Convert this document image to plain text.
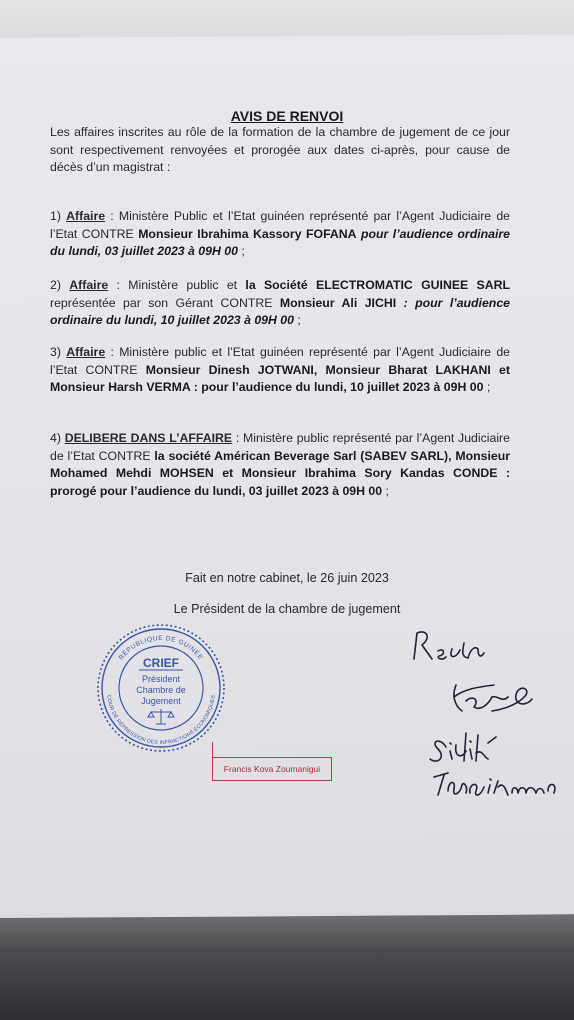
AVIS DE RENVOI

Les affaires inscrites au rôle de la formation de la chambre de jugement de ce jour sont respectivement renvoyées et prorogée aux dates ci-après, pour cause de décès d’un magistrat :

1) Affaire : Ministère Public et l’Etat guinéen représenté par l’Agent Judiciaire de l’Etat CONTRE Monsieur Ibrahima Kassory FOFANA pour l’audience ordinaire du lundi, 03 juillet 2023 à 09H 00 ;

2) Affaire : Ministère public et la Société ELECTROMATIC GUINEE SARL représentée par son Gérant CONTRE Monsieur Ali JICHI : pour l’audience ordinaire du lundi, 10 juillet 2023 à 09H 00 ;

3) Affaire : Ministère public et l’Etat guinéen représenté par l’Agent Judiciaire de l’Etat CONTRE Monsieur Dinesh JOTWANI, Monsieur Bharat LAKHANI et Monsieur Harsh VERMA : pour l’audience du lundi, 10 juillet 2023 à 09H 00 ;

4) DELIBERE DANS L’AFFAIRE : Ministère public représenté par l’Agent Judiciaire de l’Etat CONTRE la société Américan Beverage Sarl (SABEV SARL), Monsieur Mohamed Mehdi MOHSEN et Monsieur Ibrahima Sory Kandas CONDE : prorogé pour l’audience du lundi, 03 juillet 2023 à 09H 00 ;

Fait en notre cabinet, le 26 juin 2023
Le Président de la chambre de jugement
RÉPUBLIQUE DE GUINÉE
COUR DE RÉPRESSION DES INFRACTIONS ÉCONOMIQUES
CRIEF
Président
Chambre de
Jugement
Francis Kova Zoumanigui
